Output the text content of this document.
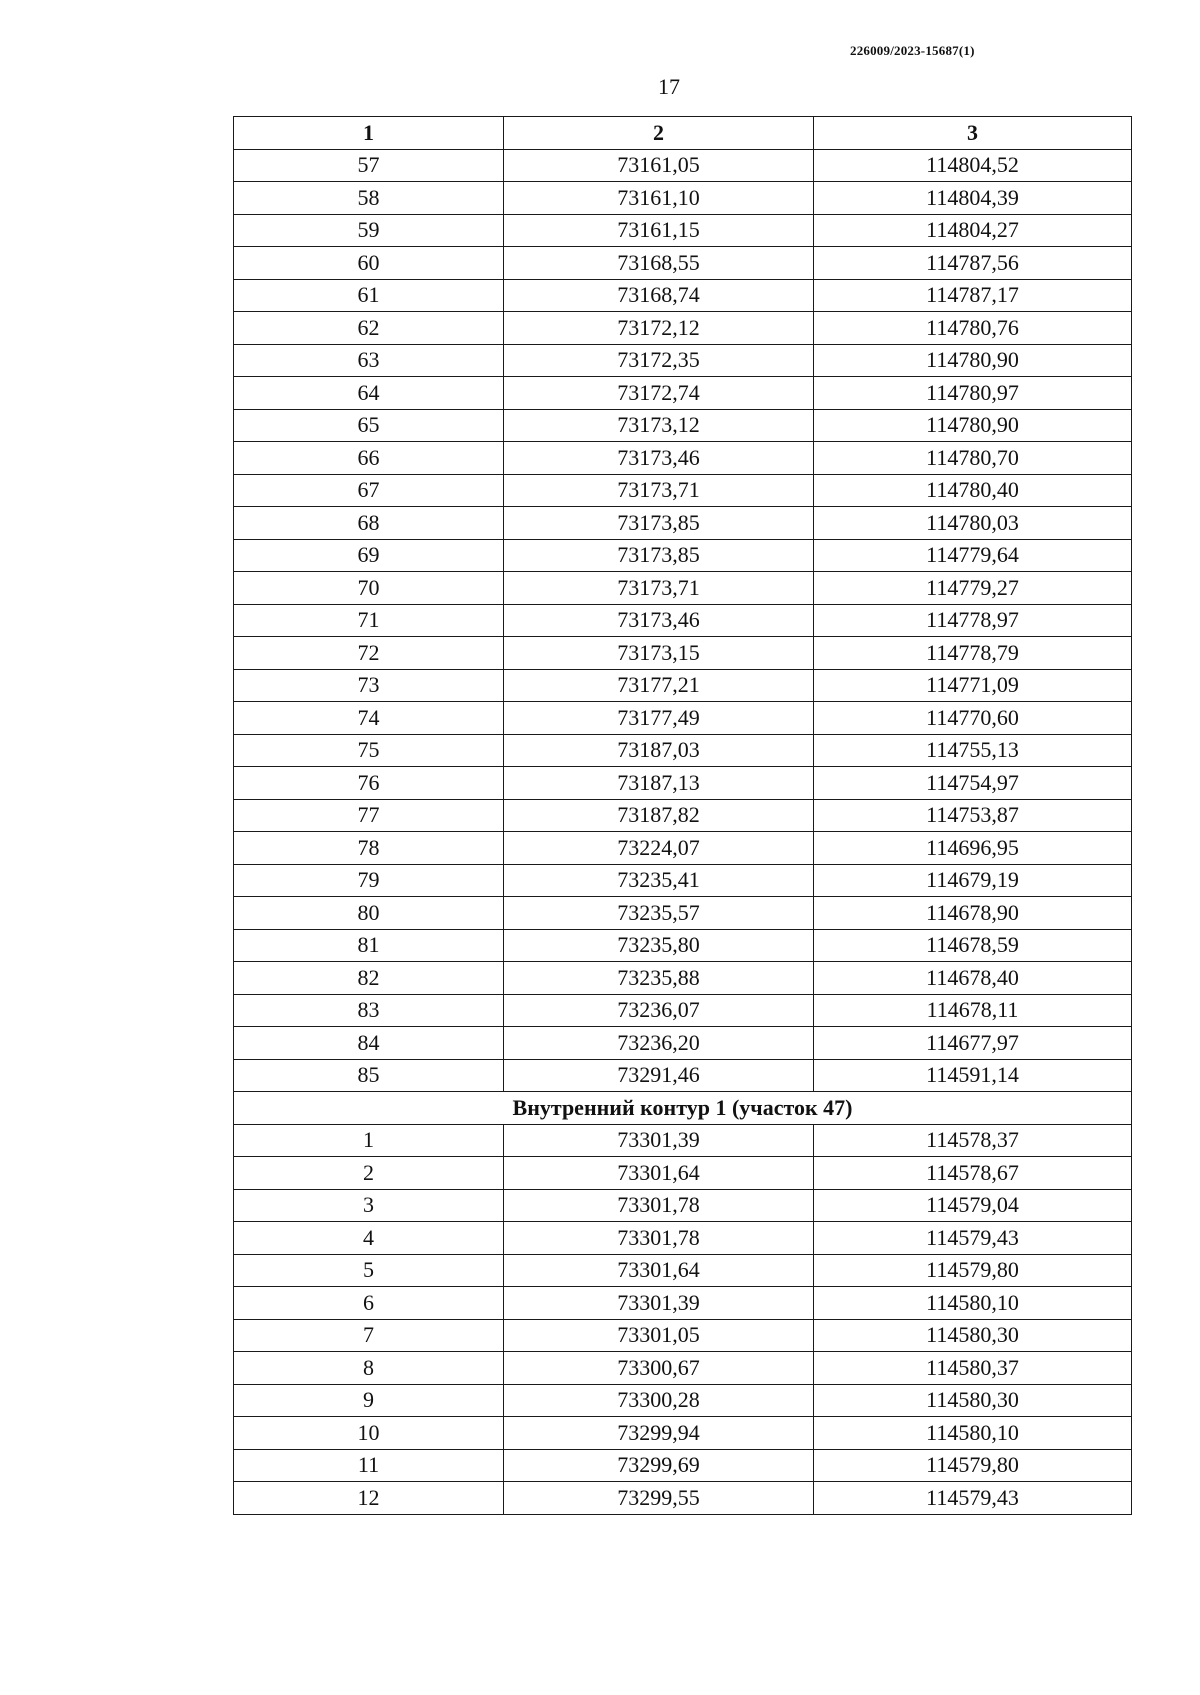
226009/2023-15687(1)
17
1	2	3
57	73161,05	114804,52
58	73161,10	114804,39
59	73161,15	114804,27
60	73168,55	114787,56
61	73168,74	114787,17
62	73172,12	114780,76
63	73172,35	114780,90
64	73172,74	114780,97
65	73173,12	114780,90
66	73173,46	114780,70
67	73173,71	114780,40
68	73173,85	114780,03
69	73173,85	114779,64
70	73173,71	114779,27
71	73173,46	114778,97
72	73173,15	114778,79
73	73177,21	114771,09
74	73177,49	114770,60
75	73187,03	114755,13
76	73187,13	114754,97
77	73187,82	114753,87
78	73224,07	114696,95
79	73235,41	114679,19
80	73235,57	114678,90
81	73235,80	114678,59
82	73235,88	114678,40
83	73236,07	114678,11
84	73236,20	114677,97
85	73291,46	114591,14
Внутренний контур 1 (участок 47)		
1	73301,39	114578,37
2	73301,64	114578,67
3	73301,78	114579,04
4	73301,78	114579,43
5	73301,64	114579,80
6	73301,39	114580,10
7	73301,05	114580,30
8	73300,67	114580,37
9	73300,28	114580,30
10	73299,94	114580,10
11	73299,69	114579,80
12	73299,55	114579,43
